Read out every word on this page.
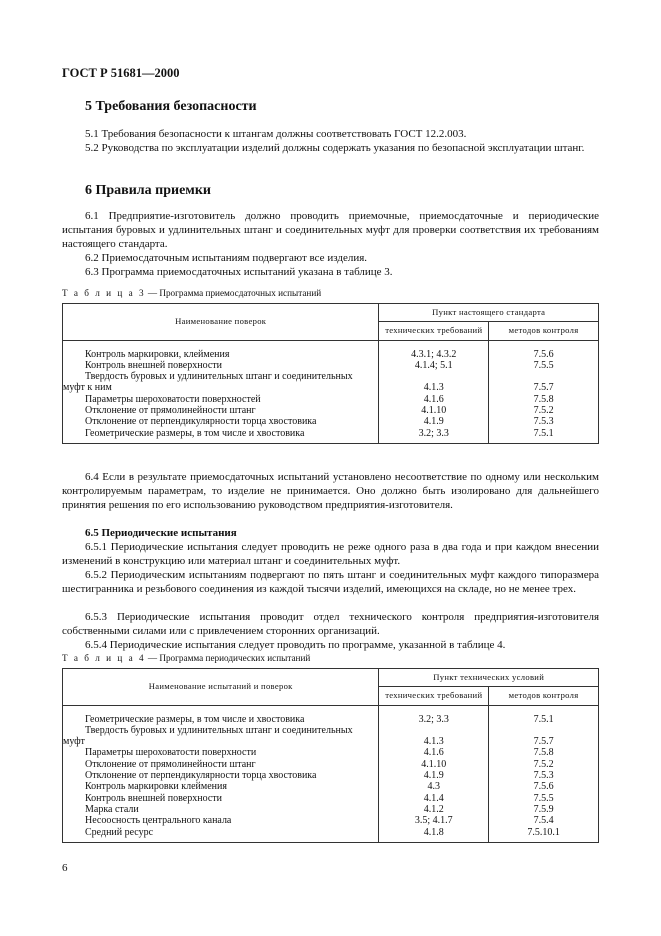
ГОСТ Р 51681—2000
5 Требования безопасности

5.1 Требования безопасности к штангам должны соответствовать ГОСТ 12.2.003.

5.2 Руководства по эксплуатации изделий должны содержать указания по безопасной эксплуатации штанг.

6 Правила приемки

6.1 Предприятие-изготовитель должно проводить приемочные, приемосдаточные и периодические испытания буровых и удлинительных штанг и соединительных муфт для проверки соответствия их требованиям настоящего стандарта.

6.2 Приемосдаточным испытаниям подвергают все изделия.

6.3 Программа приемосдаточных испытаний указана в таблице 3.

Т а б л и ц а 3 — Программа приемосдаточных испытаний
Наименование поверок	Пункт настоящего стандарта	
	технических требований	методов контроля
Контроль маркировки, клеймения	4.3.1; 4.3.2	7.5.6
Контроль внешней поверхности	4.1.4; 5.1	7.5.5
Твердость буровых и удлинительных штанг и соединительных муфт к ним	4.1.3	7.5.7
Параметры шероховатости поверхностей	4.1.6	7.5.8
Отклонение от прямолинейности штанг	4.1.10	7.5.2
Отклонение от перпендикулярности торца хвостовика	4.1.9	7.5.3
Геометрические размеры, в том числе и хвостовика	3.2; 3.3	7.5.1

6.4 Если в результате приемосдаточных испытаний установлено несоответствие по одному или нескольким контролируемым параметрам, то изделие не принимается. Оно должно быть изолировано для дальнейшего принятия решения по его использованию руководством предприятия-изготовителя.

6.5 Периодические испытания

6.5.1 Периодические испытания следует проводить не реже одного раза в два года и при каждом внесении изменений в конструкцию или материал штанг и соединительных муфт.

6.5.2 Периодическим испытаниям подвергают по пять штанг и соединительных муфт каждого типоразмера шестигранника и резьбового соединения из каждой тысячи изделий, имеющихся на складе, но не менее трех.

6.5.3 Периодические испытания проводит отдел технического контроля предприятия-изготовителя собственными силами или с привлечением сторонних организаций.

6.5.4 Периодические испытания следует проводить по программе, указанной в таблице 4.

Т а б л и ц а 4 — Программа периодических испытаний
Наименование испытаний и поверок	Пункт технических условий	
	технических требований	методов контроля
Геометрические размеры, в том числе и хвостовика	3.2; 3.3	7.5.1
Твердость буровых и удлинительных штанг и соединительных муфт	4.1.3	7.5.7
Параметры шероховатости поверхности	4.1.6	7.5.8
Отклонение от прямолинейности штанг	4.1.10	7.5.2
Отклонение от перпендикулярности торца хвостовика	4.1.9	7.5.3
Контроль маркировки клеймения	4.3	7.5.6
Контроль внешней поверхности	4.1.4	7.5.5
Марка стали	4.1.2	7.5.9
Несоосность центрального канала	3.5; 4.1.7	7.5.4
Средний ресурс	4.1.8	7.5.10.1
6
